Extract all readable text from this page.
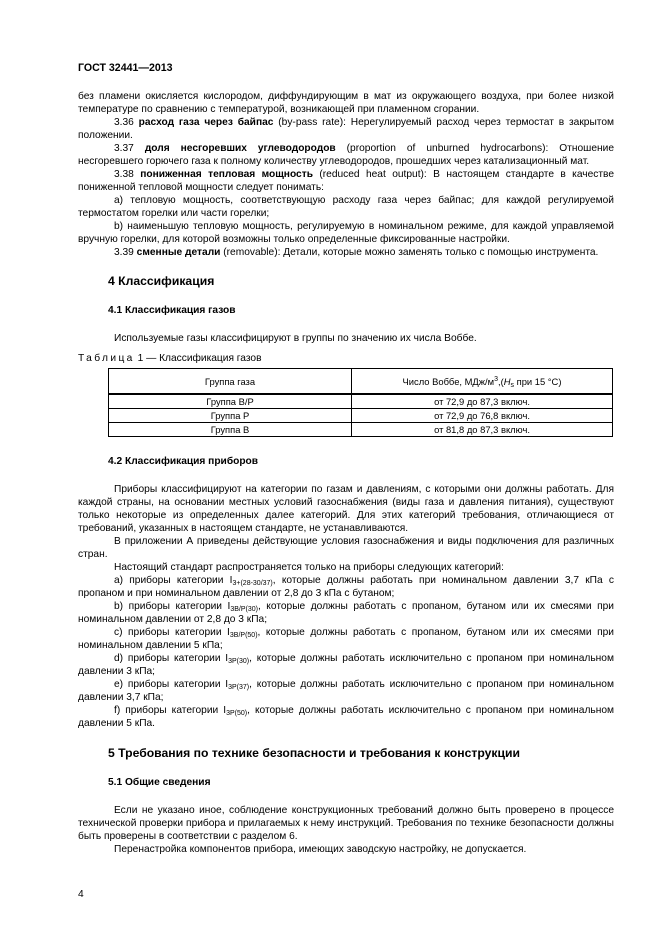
ГОСТ 32441—2013

без пламени окисляется кислородом, диффундирующим в мат из окружающего воздуха, при более низкой температуре по сравнению с температурой, возникающей при пламенном сгорании.

3.36 расход газа через байпас (by-pass rate): Нерегулируемый расход через термостат в закрытом положении.

3.37 доля несгоревших углеводородов (proportion of unburned hydrocarbons): Отношение несгоревшего горючего газа к полному количеству углеводородов, прошедших через катализационный мат.

3.38 пониженная тепловая мощность (reduced heat output): В настоящем стандарте в качестве пониженной тепловой мощности следует понимать:

а) тепловую мощность, соответствующую расходу газа через байпас; для каждой регулируемой термостатом горелки или части горелки;

b) наименьшую тепловую мощность, регулируемую в номинальном режиме, для каждой управляемой вручную горелки, для которой возможны только определенные фиксированные настройки.

3.39 сменные детали (removable): Детали, которые можно заменять только с помощью инструмента.

4 Классификация
4.1 Классификация газов

Используемые газы классифицируют в группы по значению их числа Воббе.

Таблица 1 — Классификация газов

Группа газа	Число Воббе, МДж/$м^3,(H_s$ при 15 °С)
Группа В/Р	от 72,9 до 87,3 включ.
Группа Р	от 72,9 до 76,8 включ.
Группа В	от 81,8 до 87,3 включ.
4.2 Классификация приборов

Приборы классифицируют на категории по газам и давлениям, с которыми они должны работать. Для каждой страны, на основании местных условий газоснабжения (виды газа и давления питания), существуют только некоторые из определенных далее категорий. Для этих категорий требования, отличающиеся от требований, указанных в настоящем стандарте, не устанавливаются.

В приложении А приведены действующие условия газоснабжения и виды подключения для различных стран.

Настоящий стандарт распространяется только на приборы следующих категорий:

а) приборы категории $I_{3+(28-30/37)}$, которые должны работать при номинальном давлении 3,7 кПа с пропаном и при номинальном давлении от 2,8 до 3 кПа с бутаном;

b) приборы категории $I_{3B/P(30)}$, которые должны работать с пропаном, бутаном или их смесями при номинальном давлении от 2,8 до 3 кПа;

c) приборы категории $I_{3B/P(50)}$, которые должны работать с пропаном, бутаном или их смесями при номинальном давлении 5 кПа;

d) приборы категории $I_{3P(30)}$, которые должны работать исключительно с пропаном при номинальном давлении 3 кПа;

е) приборы категории $I_{3P(37)}$, которые должны работать исключительно с пропаном при номинальном давлении 3,7 кПа;

f) приборы категории $I_{3P(50)}$, которые должны работать исключительно с пропаном при номинальном давлении 5 кПа.

5 Требования по технике безопасности и требования к конструкции
5.1 Общие сведения

Если не указано иное, соблюдение конструкционных требований должно быть проверено в процессе технической проверки прибора и прилагаемых к нему инструкций. Требования по технике безопасности должны быть проверены в соответствии с разделом 6.

Перенастройка компонентов прибора, имеющих заводскую настройку, не допускается.

4
